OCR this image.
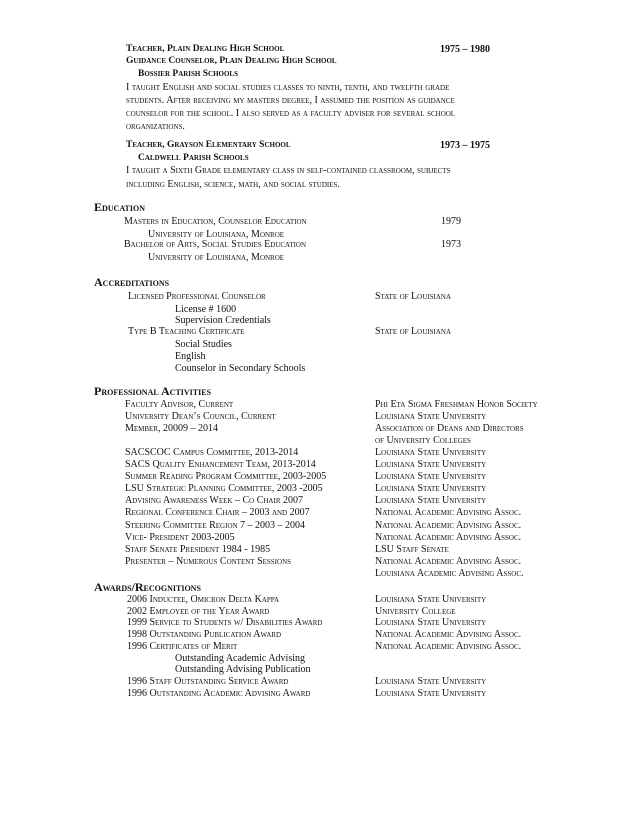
Teacher, Plain Dealing High School	1975 – 1980
Guidance Counselor, Plain Dealing High School
Bossier Parish Schools
I taught English and social studies classes to ninth, tenth, and twelfth grade
students. After receiving my masters degree, I assumed the position as guidance
counselor for the school. I also served as a faculty adviser for several school
organizations.
Teacher, Grayson Elementary School	1973 – 1975
Caldwell Parish Schools
I taught a Sixth Grade elementary class in self-contained classroom, subjects
including English, science, math, and social studies.
Education
Masters in Education, Counselor Education	1979
University of Louisiana, Monroe
Bachelor of Arts, Social Studies Education	1973
University of Louisiana, Monroe
Accreditations
Licensed Professional Counselor	State of Louisiana
License # 1600
Supervision Credentials
Type B Teaching Certificate	State of Louisiana
Social Studies
English
Counselor in Secondary Schools
Professional Activities
Faculty Advisor, Current	Phi Eta Sigma Freshman Honor Society
University Dean’s Council, Current	Louisiana State University
Member, 20009 – 2014	Association of Deans and Directors
of University Colleges
SACSCOC Campus Committee, 2013-2014	Louisiana State University
SACS Quality Enhancement Team, 2013-2014	Louisiana State University
Summer Reading Program Committee, 2003-2005	Louisiana State University
LSU Strategic Planning Committee, 2003 -2005	Louisiana State University
Advising Awareness Week – Co Chair 2007	Louisiana State University
Regional Conference Chair – 2003 and 2007	National Academic Advising Assoc.
Steering Committee Region 7 – 2003 – 2004	National Academic Advising Assoc.
Vice- President 2003-2005	National Academic Advising Assoc.
Staff Senate President 1984 - 1985	LSU Staff Senate
Presenter – Numerous Content Sessions	National Academic Advising Assoc.
Louisiana Academic Advising Assoc.
Awards/Recognitions
2006 Inductee, Omicron Delta Kappa	Louisiana State University
2002 Employee of the Year Award	University College
1999 Service to Students w/ Disabilities Award	Louisiana State University
1998 Outstanding Publication Award	National Academic Advising Assoc.
1996 Certificates of Merit	National Academic Advising Assoc.
Outstanding Academic Advising
Outstanding Advising Publication
1996 Staff Outstanding Service Award	Louisiana State University
1996 Outstanding Academic Advising Award	Louisiana State University
